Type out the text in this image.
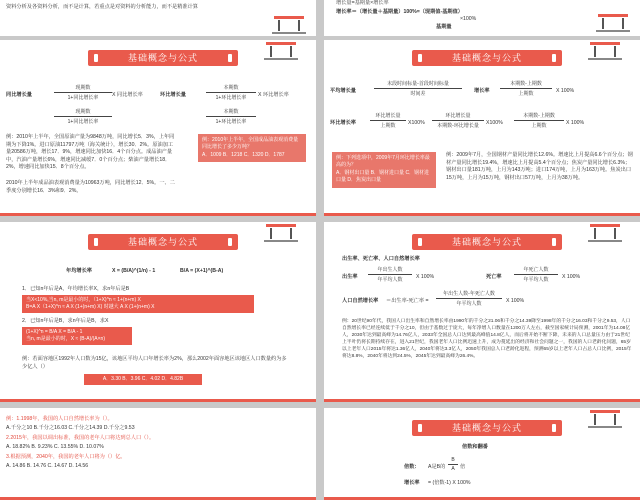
资料分析及各资料分析，而不是计算，若重点是对资料的分析能力，而不是精准计算
增长量=基期量×增长率
增长率＝（增长量＋基期量）100%=（现期值-基期值）
×100%
基期量
基础概念与公式
同比增长量
现期数
1+同比增长率	X 同比增长率	环比增长量
本期数
1+环比增长率	X 环比增长率
现期数
1+同比增长率
本期数
1+环比增长率
例：2010年上半年，全国原油产量为9848万吨，同比增长5．3%，上年同期为下降1%。进口原油11797万吨（海关统计），增长30．2%。原油加工量20586万吨，增长17．9%，增速同比加快16．4个百分点。成品油产量中，汽油产量增长6%，增速同比减缓7．0个百分点；柴油产量增长18．2%，增速同比加快15．8个百分点。
2010年上半年成品油表观消费量为10963万吨，同比增长12．5%。一、二季度分别增长16．3%和9．2%。
例：2010年上半年，全国成品油表观消费量同比增长了多少万吨？
A．1009 B．1218 C．1320 D．1787
基础概念与公式
平均增长量
末段时间标量-首段时间标量
时间差	增长率
本期数-上期数
上期数	X 100%
环比增长率
环比增长量
上期数	X100%
环比增长量
本期数-环比增长量	X100%
本期数-上期数
上期数	X 100%
例：下列选项中，2009年7月环比增长率最高的为？
A．钢材出口量 B．钢材进口量 C．钢材进口量 D．焦炭出口量
例：2009年7月，全国钢材产量同比增长12.6%。增速比上月提高6.6个百分点；钢材产量同比增长19.4%，增速比上月提高5.4个百分点；焦炭产量同比增长6.3%；钢材出口量181万吨，上月为143万吨；进口174万吨，上月为163万吨。焦炭出口15万吨，上月为15万吨，钢材出口57万吨，上月为38万吨。
基础概念与公式
年均增长率	X = (B/A)^(1/n) - 1	B/A = (X+1)^(B-A)
1．已知n年后是A，年均增长率X，求n年后是B
当X<10%,当n, m是最小的时，（1+X)^n ≈ 1+(n+m) X
B=A X（1+X)^n ≈ A X (1+(n+m) X) 时越大 A X (1+(n+m) X
2．已知n年后是B，求n年后是B，求X
(1+X)^n = B/A X = B/A - 1
当n, m是最小的时，X ≈ (B-A)/(A×n)
例：若面容地区1992年人口数为15亿，该地区平均人口年增长率为2%，那么2002年面容地区该地区人口数量约为多少亿人（）
A．3.30 B．3.96 C．4.02 D．4.82B
基础概念与公式
出生率、死亡率、人口自然增长率
出生率
年出生人数
年平均人数	X 100%	死亡率
年死亡人数
年平均人数	X 100%
人口自然增长率 ＝出生率-死亡率 =
年出生人数-年死亡人数
年平均人数	X 100%
例：20世纪90年代，我国人口出生率和自然增长率由1990年的千分之21.06和千分之14.39降至1998年的千分之16.03和千分之9.53，人口自然增长率已经连续低于千分之10，但由于基数过于庞大，每年净增人口数量在1200万人左右，截至国家统计局预测，2001年为14.08亿人，2030年达到最高峰为14.76亿人，2033年全国总人口达到最高峰值14.8亿人，而后将开始不断下降，未来的人口总量压力由于21世纪上半叶仍将长期持续存在，进入21世纪，我国老年人口比例迅速上升，成为蔓延出的经济和社会问题之一，我国的人口老龄化问题，65岁以上老年人口2015年将达1.36亿人，2040年将达3.3亿人，2050年我国总人口老龄化进程，预测65岁以上老年人口占总人口比例，2015年将达8.8%，2040年将达到24.5%，2045年达到最高峰为26.4%。
例：1.1998年，我国的人口自然增长率为（）。
A.千分之10 B.千分之16.03 C.千分之14.39 D.千分之9.53
2.2015年，我国以调出标准，我国的老年人口将达到总人口（）。
A. 18.82% B. 9.23% C. 13.55% D. 10.07%
3.根据预测，2040年，我国的老年人口将为（）亿。
A. 14.86 B. 14.76 C. 14.67 D. 14.56
基础概念与公式
倍数和翻番
倍数： A是B的 $\frac{B}{A}$ 倍
增长率 = (倍数-1) X 100%
